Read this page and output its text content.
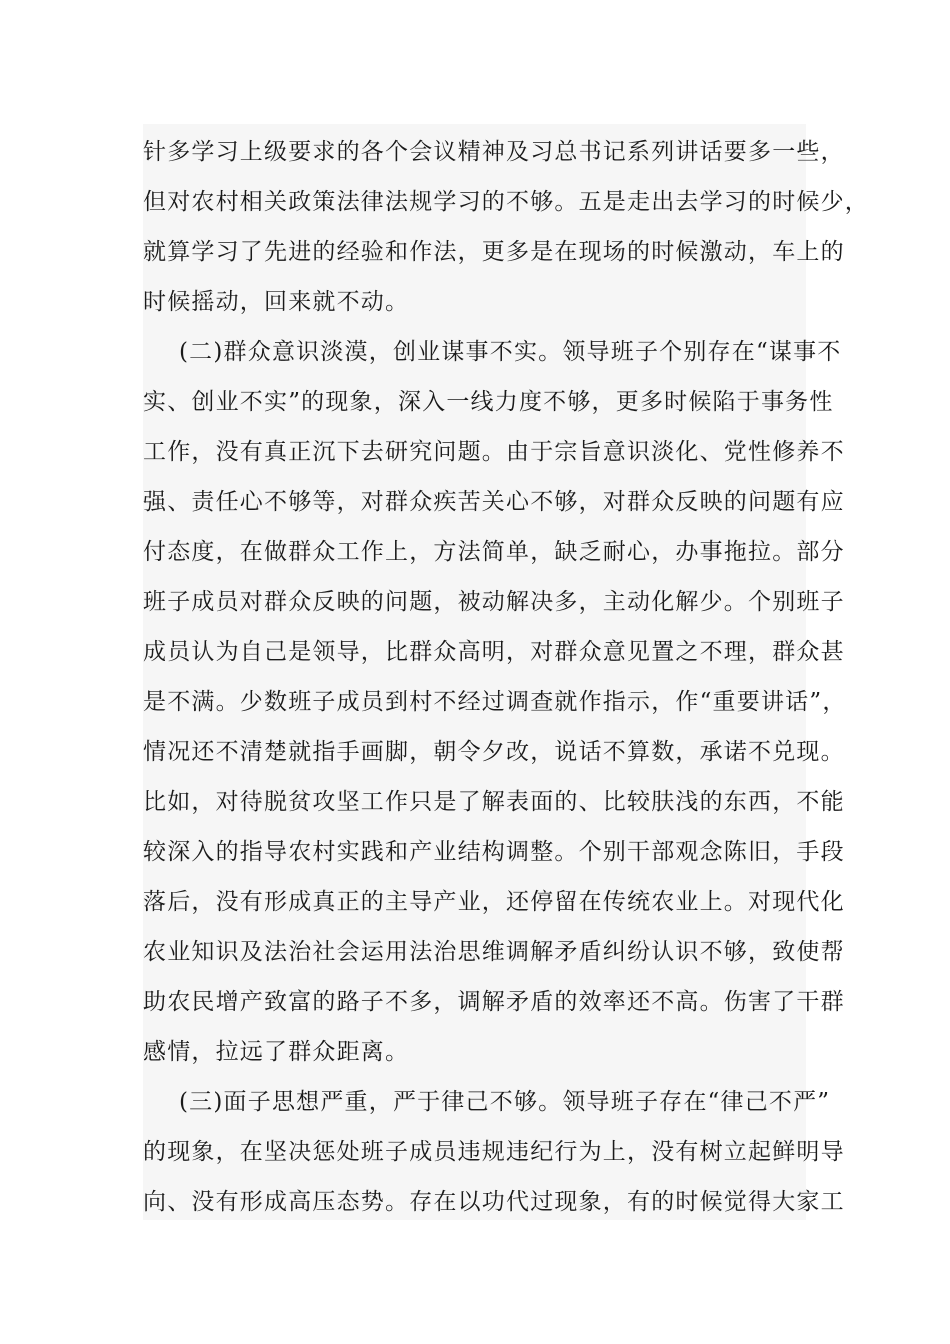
针多学习上级要求的各个会议精神及习总书记系列讲话要多一些，
但对农村相关政策法律法规学习的不够。五是走出去学习的时候少，
就算学习了先进的经验和作法，更多是在现场的时候激动，车上的
时候摇动，回来就不动。
(二)群众意识淡漠，创业谋事不实。领导班子个别存在“谋事不
实、创业不实”的现象，深入一线力度不够，更多时候陷于事务性
工作，没有真正沉下去研究问题。由于宗旨意识淡化、党性修养不
强、责任心不够等，对群众疾苦关心不够，对群众反映的问题有应
付态度，在做群众工作上，方法简单，缺乏耐心，办事拖拉。部分
班子成员对群众反映的问题，被动解决多，主动化解少。个别班子
成员认为自己是领导，比群众高明，对群众意见置之不理，群众甚
是不满。少数班子成员到村不经过调查就作指示，作“重要讲话”，
情况还不清楚就指手画脚，朝令夕改，说话不算数，承诺不兑现。
比如，对待脱贫攻坚工作只是了解表面的、比较肤浅的东西，不能
较深入的指导农村实践和产业结构调整。个别干部观念陈旧，手段
落后，没有形成真正的主导产业，还停留在传统农业上。对现代化
农业知识及法治社会运用法治思维调解矛盾纠纷认识不够，致使帮
助农民增产致富的路子不多，调解矛盾的效率还不高。伤害了干群
感情，拉远了群众距离。
(三)面子思想严重，严于律己不够。领导班子存在“律己不严”
的现象，在坚决惩处班子成员违规违纪行为上，没有树立起鲜明导
向、没有形成高压态势。存在以功代过现象，有的时候觉得大家工
